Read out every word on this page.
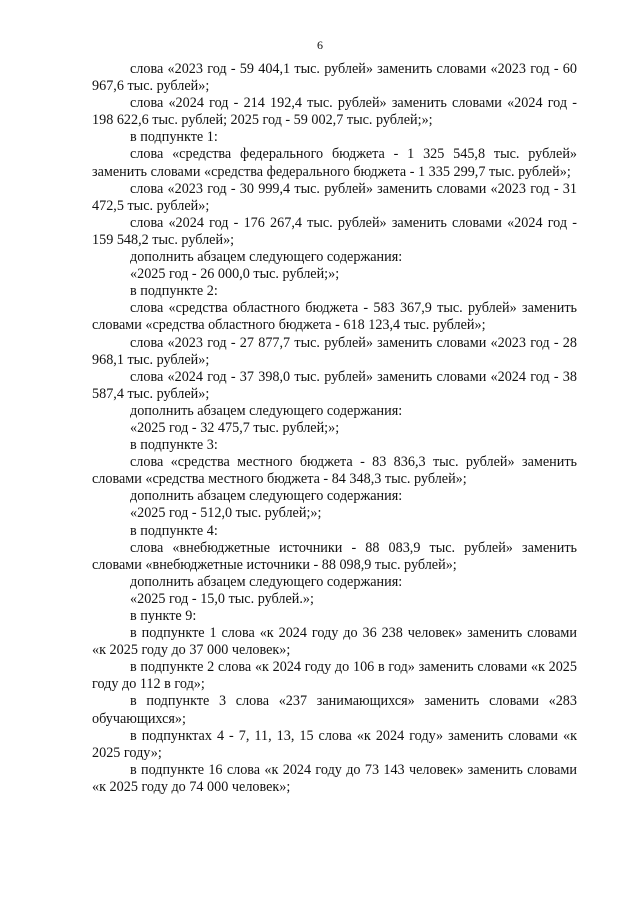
6

слова «2023 год - 59 404,1 тыс. рублей» заменить словами «2023 год - 60 967,6 тыс. рублей»;

слова «2024 год - 214 192,4 тыс. рублей» заменить словами «2024 год - 198 622,6 тыс. рублей; 2025 год - 59 002,7 тыс. рублей;»;

в подпункте 1:

слова «средства федерального бюджета - 1 325 545,8 тыс. рублей» заменить словами «средства федерального бюджета - 1 335 299,7 тыс. рублей»;

слова «2023 год - 30 999,4 тыс. рублей» заменить словами «2023 год - 31 472,5 тыс. рублей»;

слова «2024 год - 176 267,4 тыс. рублей» заменить словами «2024 год - 159 548,2 тыс. рублей»;

дополнить абзацем следующего содержания:

«2025 год - 26 000,0 тыс. рублей;»;

в подпункте 2:

слова «средства областного бюджета - 583 367,9 тыс. рублей» заменить словами «средства областного бюджета - 618 123,4 тыс. рублей»;

слова «2023 год - 27 877,7 тыс. рублей» заменить словами «2023 год - 28 968,1 тыс. рублей»;

слова «2024 год - 37 398,0 тыс. рублей» заменить словами «2024 год - 38 587,4 тыс. рублей»;

дополнить абзацем следующего содержания:

«2025 год - 32 475,7 тыс. рублей;»;

в подпункте 3:

слова «средства местного бюджета - 83 836,3 тыс. рублей» заменить словами «средства местного бюджета - 84 348,3 тыс. рублей»;

дополнить абзацем следующего содержания:

«2025 год - 512,0 тыс. рублей;»;

в подпункте 4:

слова «внебюджетные источники - 88 083,9 тыс. рублей» заменить словами «внебюджетные источники - 88 098,9 тыс. рублей»;

дополнить абзацем следующего содержания:

«2025 год - 15,0 тыс. рублей.»;

в пункте 9:

в подпункте 1 слова «к 2024 году до 36 238 человек» заменить словами «к 2025 году до 37 000 человек»;

в подпункте 2 слова «к 2024 году до 106 в год» заменить словами «к 2025 году до 112 в год»;

в подпункте 3 слова «237 занимающихся» заменить словами «283 обучающихся»;

в подпунктах 4 - 7, 11, 13, 15 слова «к 2024 году» заменить словами «к 2025 году»;

в подпункте 16 слова «к 2024 году до 73 143 человек» заменить словами «к 2025 году до 74 000 человек»;
